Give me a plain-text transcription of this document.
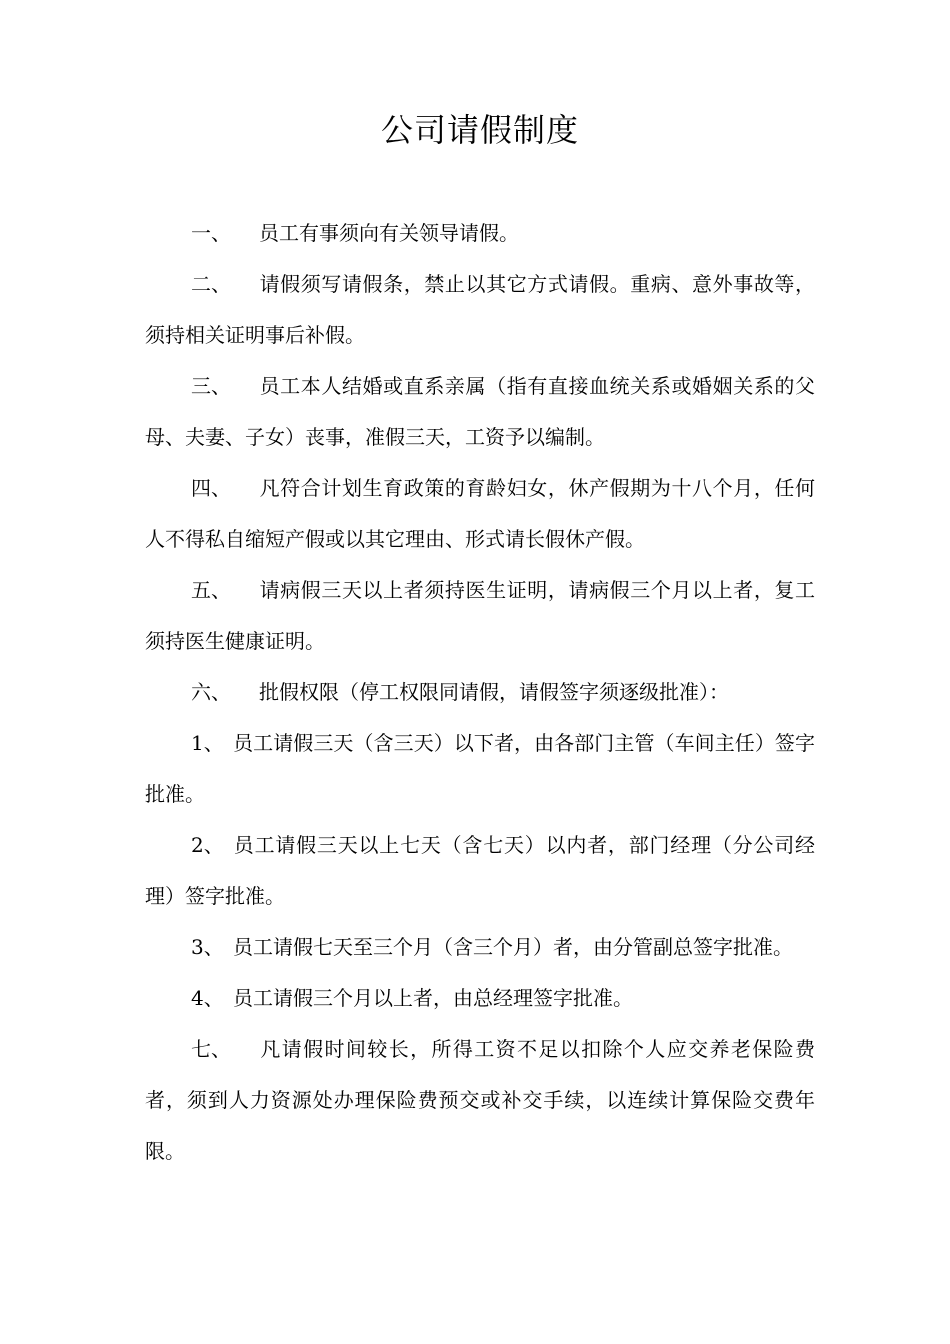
公司请假制度

一、 员工有事须向有关领导请假。

二、 请假须写请假条，禁止以其它方式请假。重病、意外事故等，须持相关证明事后补假。

三、 员工本人结婚或直系亲属（指有直接血统关系或婚姻关系的父母、夫妻、子女）丧事，准假三天，工资予以编制。

四、 凡符合计划生育政策的育龄妇女，休产假期为十八个月，任何人不得私自缩短产假或以其它理由、形式请长假休产假。

五、 请病假三天以上者须持医生证明，请病假三个月以上者，复工须持医生健康证明。

六、 批假权限（停工权限同请假，请假签字须逐级批准）：

1、 员工请假三天（含三天）以下者，由各部门主管（车间主任）签字批准。

2、 员工请假三天以上七天（含七天）以内者，部门经理（分公司经理）签字批准。

3、 员工请假七天至三个月（含三个月）者，由分管副总签字批准。

4、 员工请假三个月以上者，由总经理签字批准。

七、 凡请假时间较长，所得工资不足以扣除个人应交养老保险费者，须到人力资源处办理保险费预交或补交手续，以连续计算保险交费年限。
